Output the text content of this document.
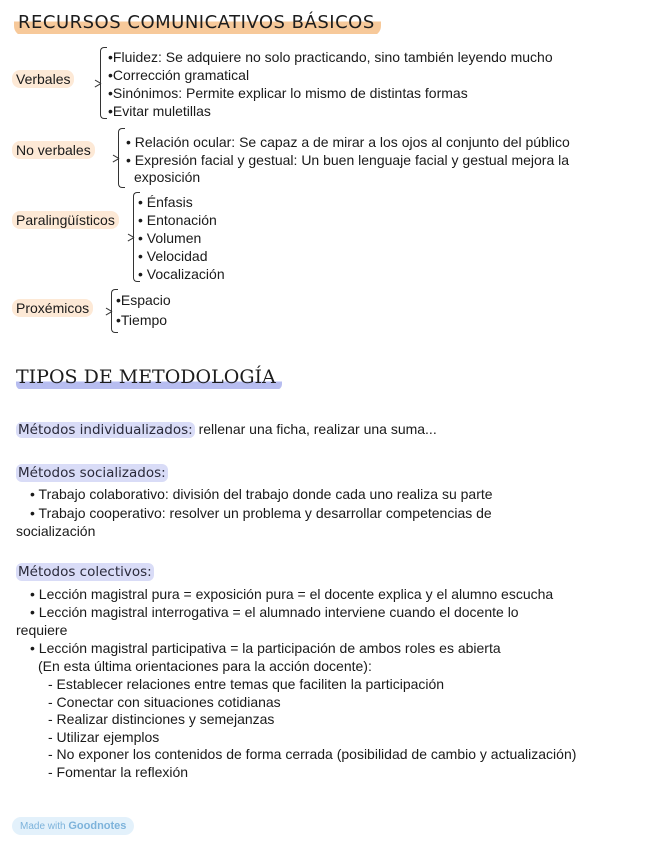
RECURSOS COMUNICATIVOS BÁSICOS
Verbales
•Fluidez: Se adquiere no solo practicando, sino también leyendo mucho
•Corrección gramatical
•Sinónimos: Permite explicar lo mismo de distintas formas
•Evitar muletillas
No verbales	• Relación ocular: Se capaz a de mirar a los ojos al conjunto del público
• Expresión facial y gestual: Un buen lenguaje facial y gestual mejora la
exposición
Paralingüísticos
• Énfasis
• Entonación
• Volumen
• Velocidad
• Vocalización
Proxémicos •Espacio
•Tiempo
TIPOS DE METODOLOGÍA
Métodos individualizados: rellenar una ficha, realizar una suma...
Métodos socializados:
• Trabajo colaborativo: división del trabajo donde cada uno realiza su parte
• Trabajo cooperativo: resolver un problema y desarrollar competencias de
socialización
Métodos colectivos:
• Lección magistral pura = exposición pura = el docente explica y el alumno escucha
• Lección magistral interrogativa = el alumnado interviene cuando el docente lo
requiere
• Lección magistral participativa = la participación de ambos roles es abierta
(En esta última orientaciones para la acción docente):
- Establecer relaciones entre temas que faciliten la participación
- Conectar con situaciones cotidianas
- Realizar distinciones y semejanzas
- Utilizar ejemplos
- No exponer los contenidos de forma cerrada (posibilidad de cambio y actualización)
- Fomentar la reflexión
Made with Goodnotes
